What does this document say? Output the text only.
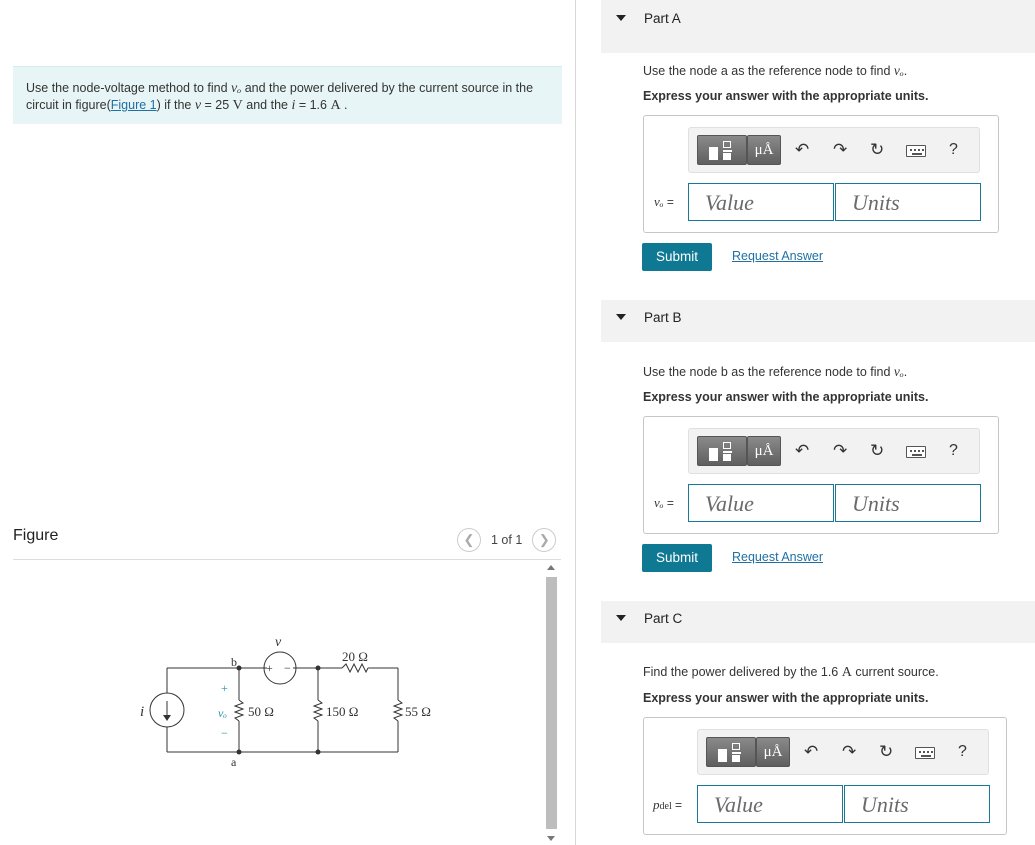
Use the node-voltage method to find vₒ and the power delivered by the current source in the circuit in figure(Figure 1) if the v = 25 V and the i = 1.6 A .
Figure	❮	1 of 1	❯
i
b
a
v
+ −
+
vₒ
−
50 Ω	150 Ω
20 Ω
55 Ω
Part A
Use the node a as the reference node to find vₒ.
Express your answer with the appropriate units.
μÅ	↶ ↷ ↻	?
vₒ =	Value	Units
Submit	Request Answer
Part B
Use the node b as the reference node to find vₒ.
Express your answer with the appropriate units.
μÅ	↶ ↷ ↻	?
vₒ =	Value	Units
Submit	Request Answer
Part C
Find the power delivered by the 1.6 A current source.
Express your answer with the appropriate units.
μÅ	↶ ↷ ↻	?
pdel =	Value	Units
